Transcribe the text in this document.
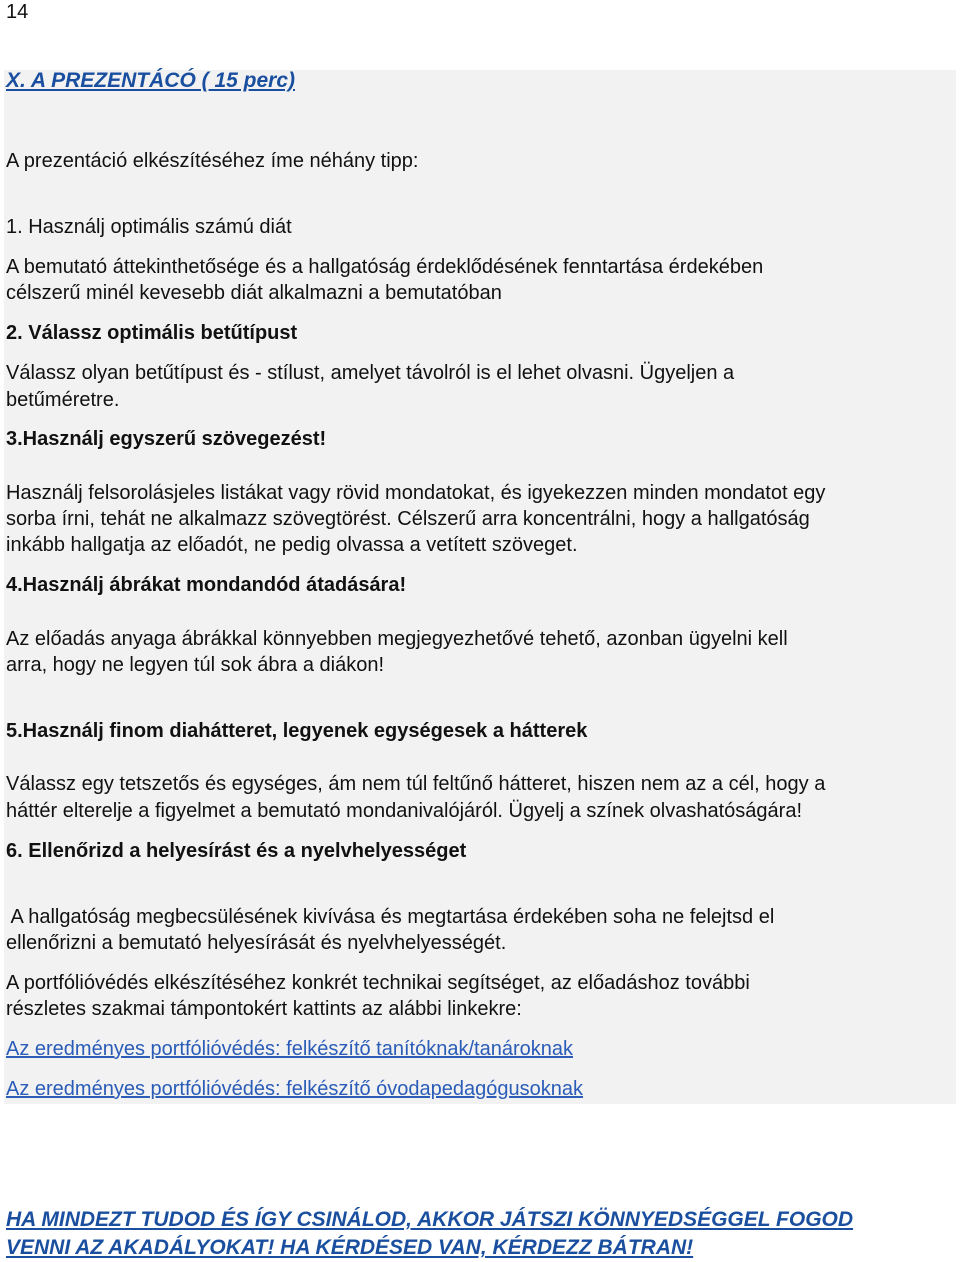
14

X. A PREZENTÁCÓ ( 15 perc)

A prezentáció elkészítéséhez íme néhány tipp:

1. Használj optimális számú diát

A bemutató áttekinthetősége és a hallgatóság érdeklődésének fenntartása érdekében

célszerű minél kevesebb diát alkalmazni a bemutatóban

2. Válassz optimális betűtípust

Válassz olyan betűtípust és - stílust, amelyet távolról is el lehet olvasni. Ügyeljen a

betűméretre.

3.Használj egyszerű szövegezést!

Használj felsorolásjeles listákat vagy rövid mondatokat, és igyekezzen minden mondatot egy

sorba írni, tehát ne alkalmazz szövegtörést. Célszerű arra koncentrálni, hogy a hallgatóság

inkább hallgatja az előadót, ne pedig olvassa a vetített szöveget.

4.Használj ábrákat mondandód átadására!

Az előadás anyaga ábrákkal könnyebben megjegyezhetővé tehető, azonban ügyelni kell

arra, hogy ne legyen túl sok ábra a diákon!

5.Használj finom diahátteret, legyenek egységesek a hátterek

Válassz egy tetszetős és egységes, ám nem túl feltűnő hátteret, hiszen nem az a cél, hogy a

háttér elterelje a figyelmet a bemutató mondanivalójáról. Ügyelj a színek olvashatóságára!

6. Ellenőrizd a helyesírást és a nyelvhelyességet

A hallgatóság megbecsülésének kivívása és megtartása érdekében soha ne felejtsd el

ellenőrizni a bemutató helyesírását és nyelvhelyességét.

A portfólióvédés elkészítéséhez konkrét technikai segítséget, az előadáshoz további

részletes szakmai támpontokért kattints az alábbi linkekre:

Az eredményes portfólióvédés: felkészítő tanítóknak/tanároknak
Az eredményes portfólióvédés: felkészítő óvodapedagógusoknak

HA MINDEZT TUDOD ÉS ÍGY CSINÁLOD, AKKOR JÁTSZI KÖNNYEDSÉGGEL FOGOD

VENNI AZ AKADÁLYOKAT! HA KÉRDÉSED VAN, KÉRDEZZ BÁTRAN!
